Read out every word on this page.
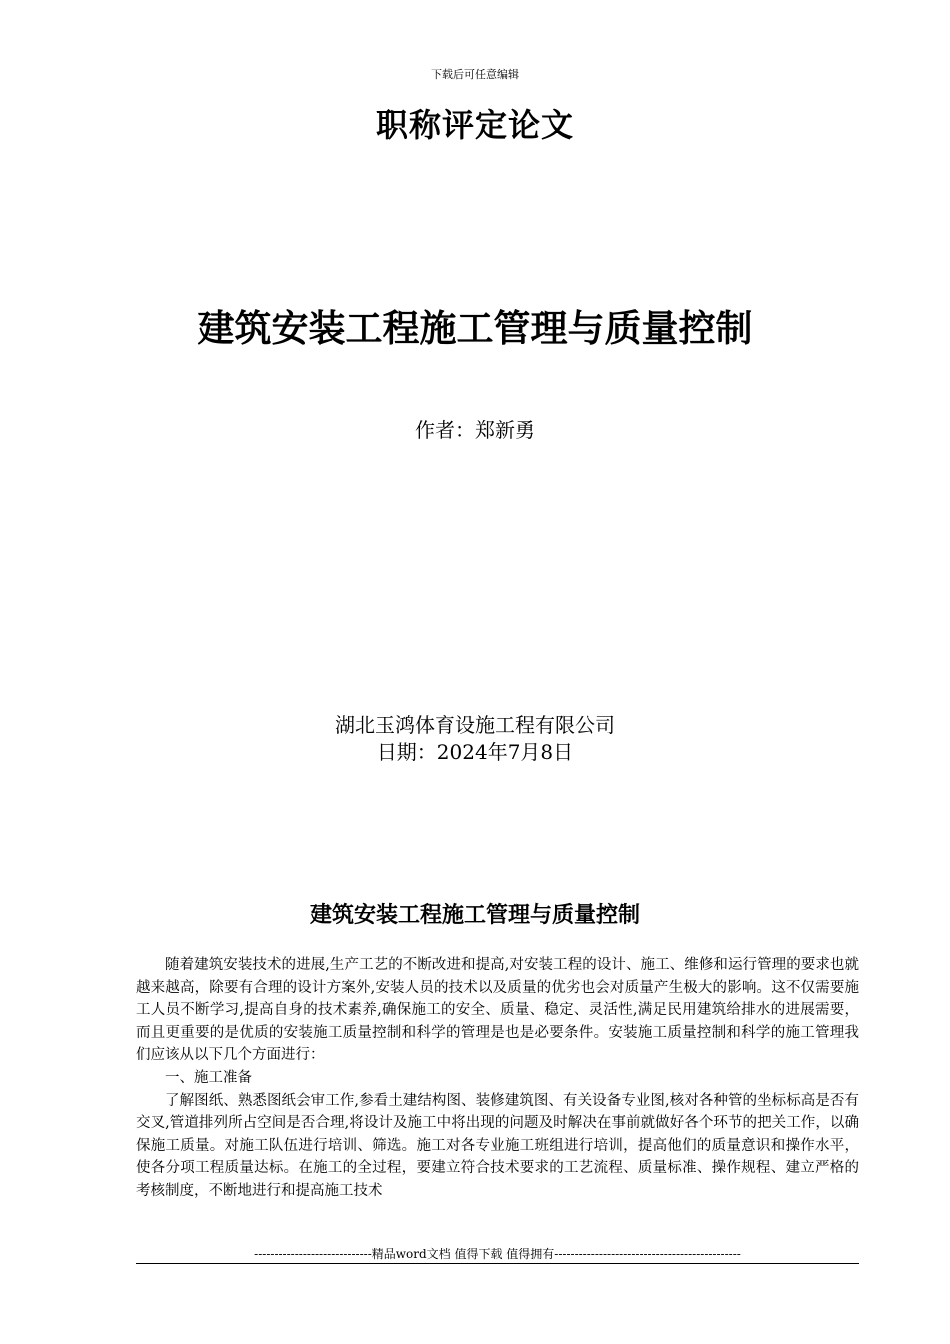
下载后可任意编辑
职称评定论文
建筑安装工程施工管理与质量控制
作者：郑新勇
湖北玉鸿体育设施工程有限公司
日期：2024年7月8日
建筑安装工程施工管理与质量控制

随着建筑安装技术的进展,生产工艺的不断改进和提高,对安装工程的设计、施工、维修和运行管理的要求也就越来越高，除要有合理的设计方案外,安装人员的技术以及质量的优劣也会对质量产生极大的影响。这不仅需要施工人员不断学习,提高自身的技术素养,确保施工的安全、质量、稳定、灵活性,满足民用建筑给排水的进展需要，而且更重要的是优质的安装施工质量控制和科学的管理是也是必要条件。安装施工质量控制和科学的施工管理我们应该从以下几个方面进行：

一、施工准备

了解图纸、熟悉图纸会审工作,参看土建结构图、装修建筑图、有关设备专业图,核对各种管的坐标标高是否有交叉,管道排列所占空间是否合理,将设计及施工中将出现的问题及时解决在事前就做好各个环节的把关工作，以确保施工质量。对施工队伍进行培训、筛选。施工对各专业施工班组进行培训，提高他们的质量意识和操作水平，使各分项工程质量达标。在施工的全过程，要建立符合技术要求的工艺流程、质量标准、操作规程、建立严格的考核制度，不断地进行和提高施工技术

-----------------------------精品word文档 值得下载 值得拥有----------------------------------------------
